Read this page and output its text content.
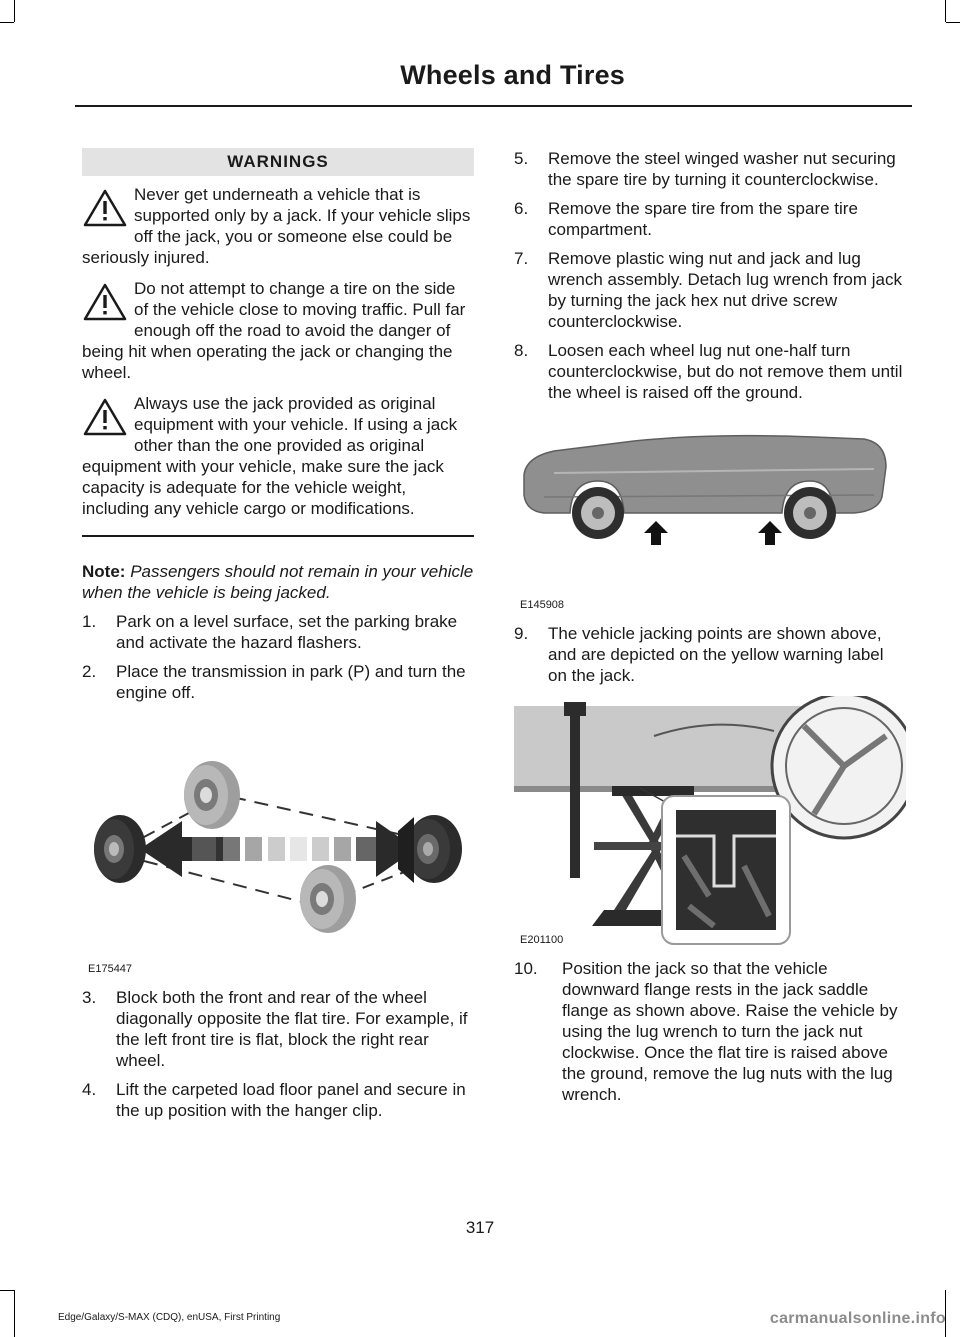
Wheels and Tires
WARNINGS

Never get underneath a vehicle that is supported only by a jack. If your vehicle slips off the jack, you or someone else could be seriously injured.

Do not attempt to change a tire on the side of the vehicle close to moving traffic. Pull far enough off the road to avoid the danger of being hit when operating the jack or changing the wheel.

Always use the jack provided as original equipment with your vehicle. If using a jack other than the one provided as original equipment with your vehicle, make sure the jack capacity is adequate for the vehicle weight, including any vehicle cargo or modifications.

Note: Passengers should not remain in your vehicle when the vehicle is being jacked.
1. Park on a level surface, set the parking brake and activate the hazard flashers.
2. Place the transmission in park (P) and turn the engine off.
E175447
3. Block both the front and rear of the wheel diagonally opposite the flat tire. For example, if the left front tire is flat, block the right rear wheel.
4. Lift the carpeted load floor panel and secure in the up position with the hanger clip.
5. Remove the steel winged washer nut securing the spare tire by turning it counterclockwise.
6. Remove the spare tire from the spare tire compartment.
7. Remove plastic wing nut and jack and lug wrench assembly. Detach lug wrench from jack by turning the jack hex nut drive screw counterclockwise.
8. Loosen each wheel lug nut one-half turn counterclockwise, but do not remove them until the wheel is raised off the ground.
E145908
9. The vehicle jacking points are shown above, and are depicted on the yellow warning label on the jack.
E201100
10. Position the jack so that the vehicle downward flange rests in the jack saddle flange as shown above. Raise the vehicle by using the lug wrench to turn the jack nut clockwise. Once the flat tire is raised above the ground, remove the lug nuts with the lug wrench.
317
Edge/Galaxy/S-MAX (CDQ), enUSA, First Printing	carmanualsonline.info
